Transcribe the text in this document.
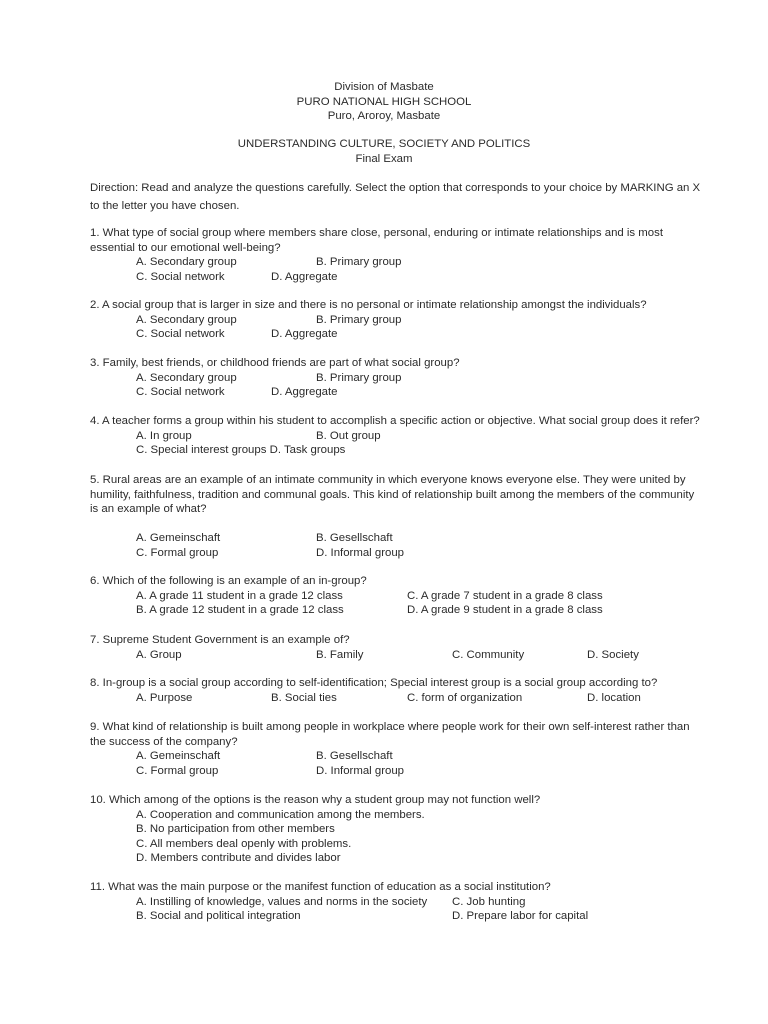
Division of Masbate
PURO NATIONAL HIGH SCHOOL
Puro, Aroroy, Masbate
UNDERSTANDING CULTURE, SOCIETY AND POLITICS
Final Exam
Direction: Read and analyze the questions carefully. Select the option that corresponds to your choice by MARKING an X
to the letter you have chosen.
1. What type of social group where members share close, personal, enduring or intimate relationships and is most
essential to our emotional well-being?
A. Secondary group	B. Primary group
C. Social network	D. Aggregate
2. A social group that is larger in size and there is no personal or intimate relationship amongst the individuals?
A. Secondary group	B. Primary group
C. Social network	D. Aggregate
3. Family, best friends, or childhood friends are part of what social group?
A. Secondary group	B. Primary group
C. Social network	D. Aggregate
4. A teacher forms a group within his student to accomplish a specific action or objective. What social group does it refer?
A. In group	B. Out group
C. Special interest groups D. Task groups
5. Rural areas are an example of an intimate community in which everyone knows everyone else. They were united by
humility, faithfulness, tradition and communal goals. This kind of relationship built among the members of the community
is an example of what?
A. Gemeinschaft	B. Gesellschaft
C. Formal group	D. Informal group
6. Which of the following is an example of an in-group?
A. A grade 11 student in a grade 12 class	C. A grade 7 student in a grade 8 class
B. A grade 12 student in a grade 12 class	D. A grade 9 student in a grade 8 class
7. Supreme Student Government is an example of?
A. Group	B. Family	C. Community	D. Society
8. In-group is a social group according to self-identification; Special interest group is a social group according to?
A. Purpose	B. Social ties	C. form of organization	D. location
9. What kind of relationship is built among people in workplace where people work for their own self-interest rather than
the success of the company?
A. Gemeinschaft	B. Gesellschaft
C. Formal group	D. Informal group
10. Which among of the options is the reason why a student group may not function well?
A. Cooperation and communication among the members.
B. No participation from other members
C. All members deal openly with problems.
D. Members contribute and divides labor
11. What was the main purpose or the manifest function of education as a social institution?
A. Instilling of knowledge, values and norms in the society C. Job hunting
B. Social and political integration	D. Prepare labor for capital
